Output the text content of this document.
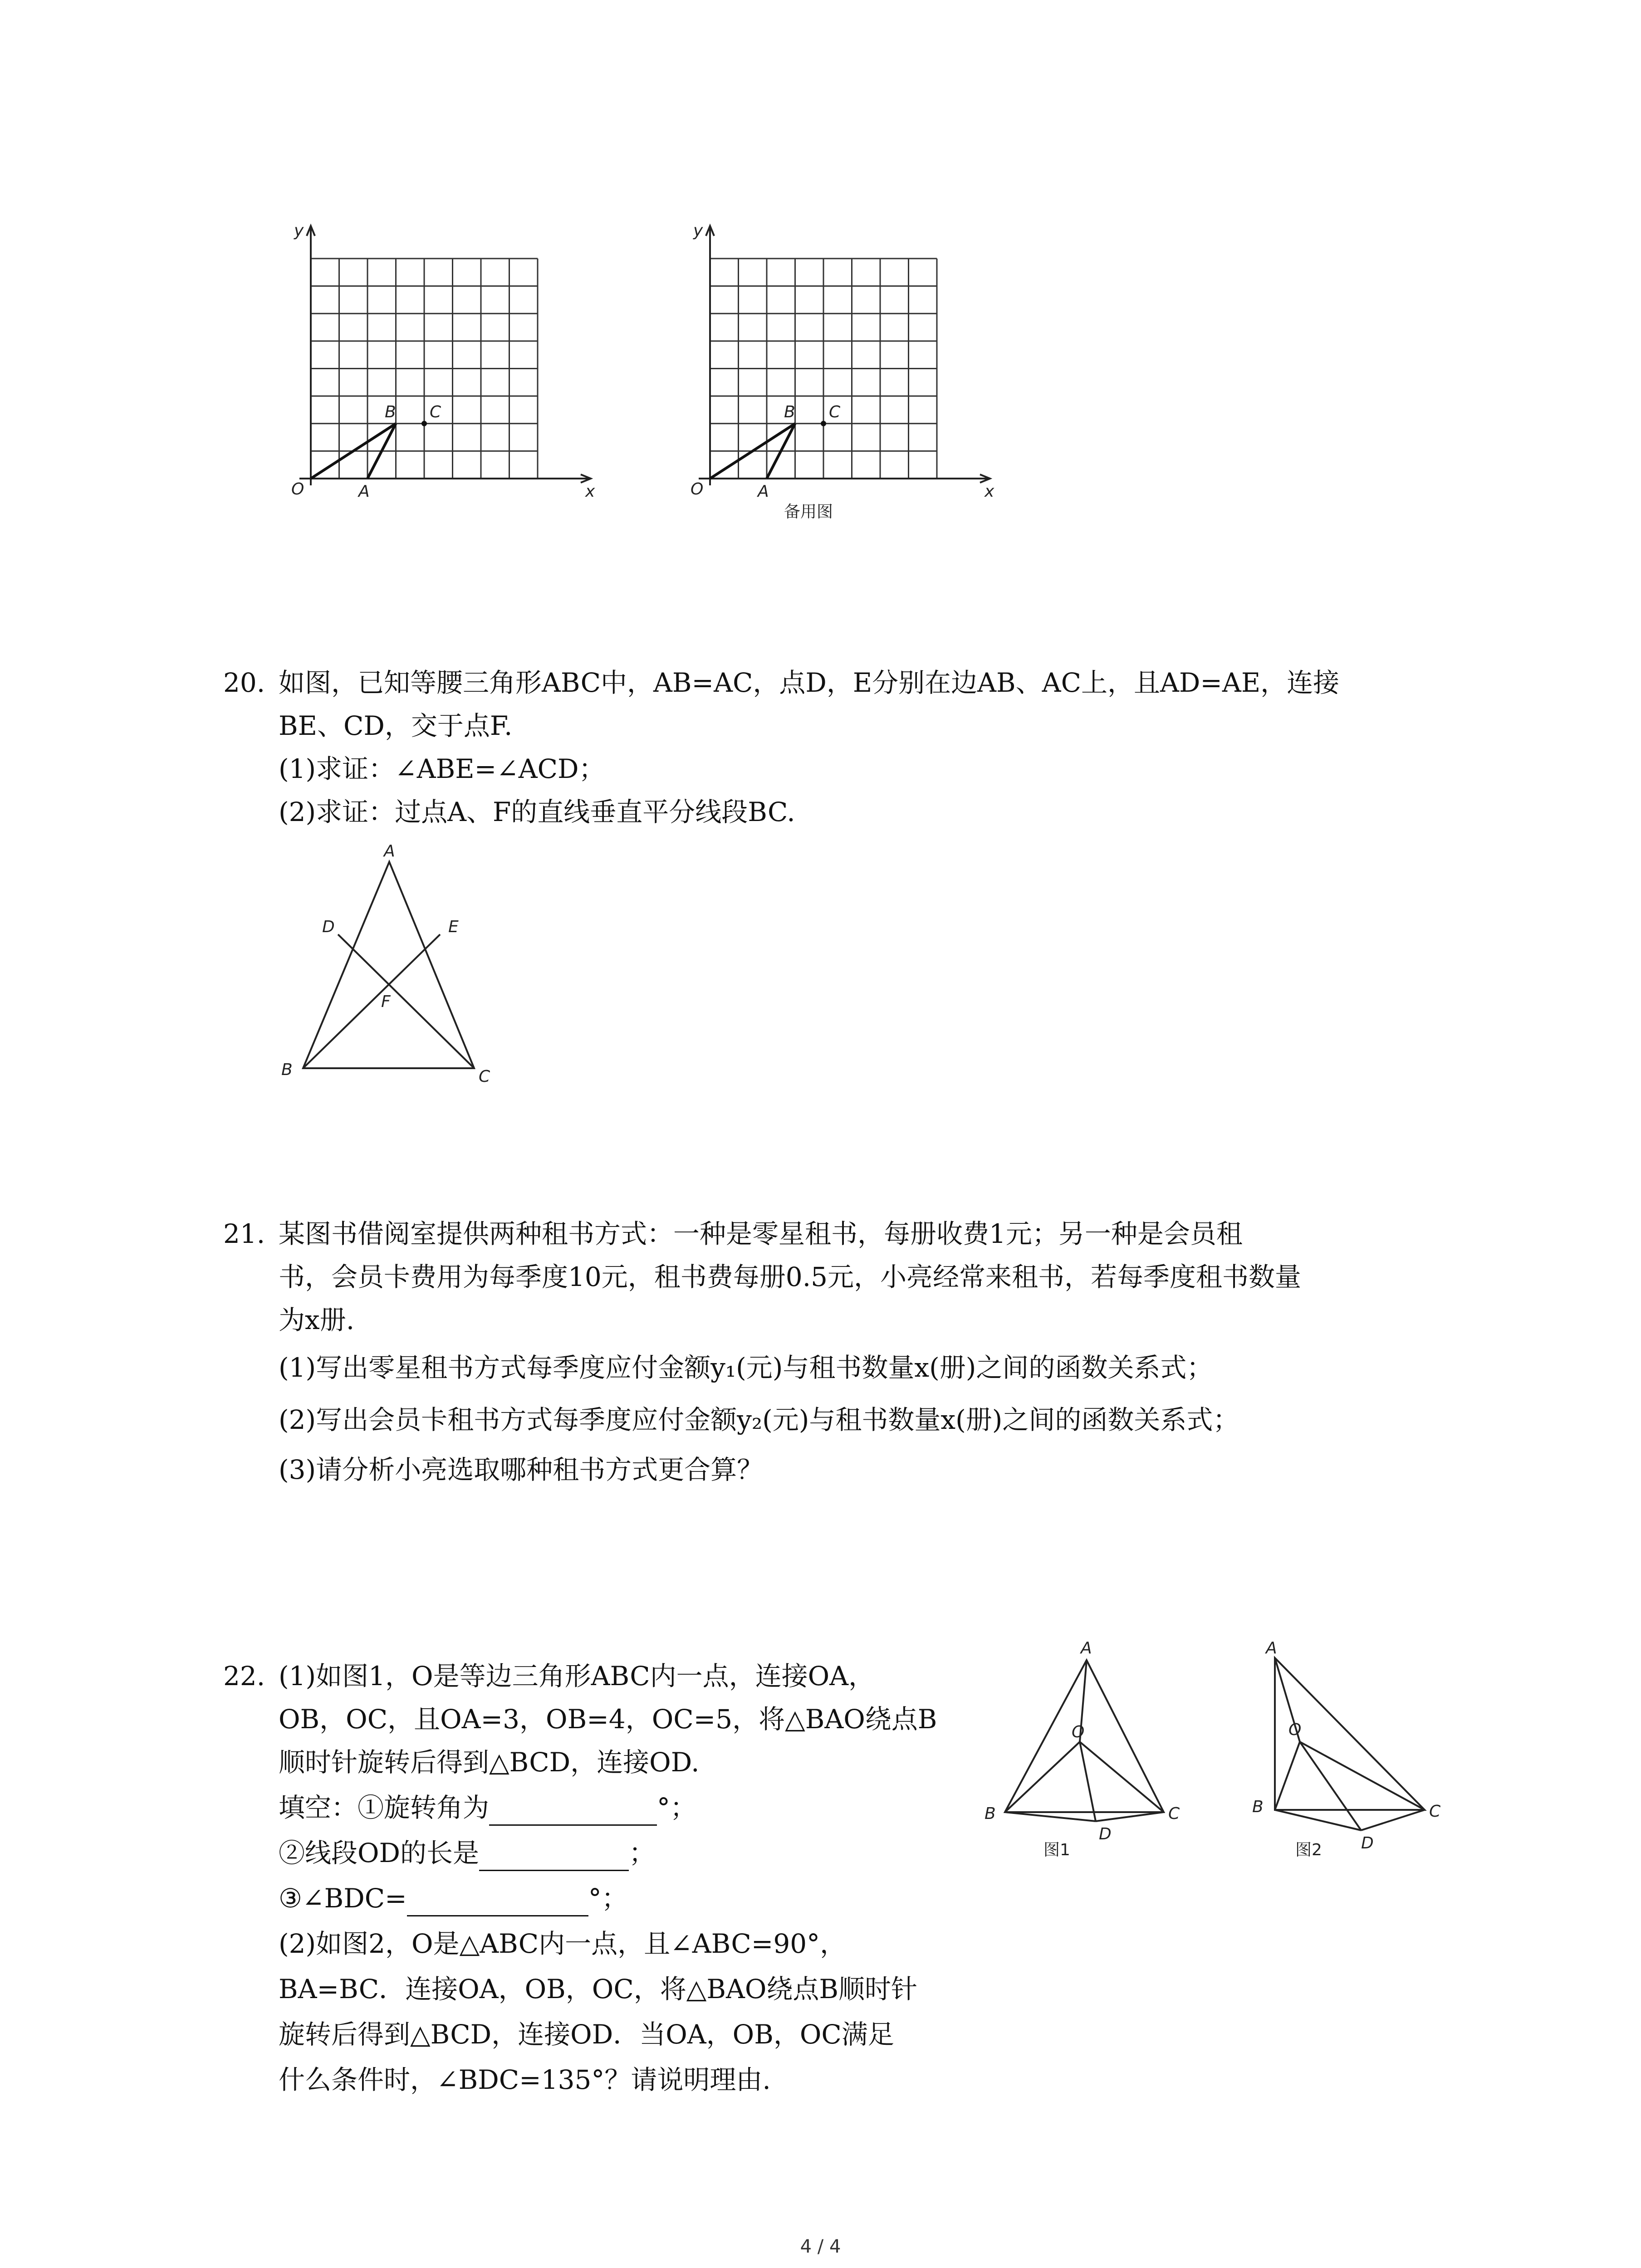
y
x
O	A
B C
y
x
O	A
B C
备用图
20. 如图，已知等腰三角形ABC中，AB=AC，点D，E分别在边AB、AC上，且AD=AE，连接
BE、CD，交于点F.
(1)求证：∠ABE=∠ACD；
(2)求证：过点A、F的直线垂直平分线段BC.
A
B	C
D	E
F
21. 某图书借阅室提供两种租书方式：一种是零星租书，每册收费1元；另一种是会员租
书，会员卡费用为每季度10元，租书费每册0.5元，小亮经常来租书，若每季度租书数量
为x册.
(1)写出零星租书方式每季度应付金额y₁(元)与租书数量x(册)之间的函数关系式；
(2)写出会员卡租书方式每季度应付金额y₂(元)与租书数量x(册)之间的函数关系式；
(3)请分析小亮选取哪种租书方式更合算？
22. (1)如图1，O是等边三角形ABC内一点，连接OA，
OB，OC，且OA=3，OB=4，OC=5，将△BAO绕点B
顺时针旋转后得到△BCD，连接OD.
填空：①旋转角为	°；
②线段OD的长是	；
③∠BDC=	°；
(2)如图2，O是△ABC内一点，且∠ABC=90°，
BA=BC．连接OA，OB，OC，将△BAO绕点B顺时针
旋转后得到△BCD，连接OD．当OA，OB，OC满足
什么条件时，∠BDC=135°？请说明理由.
A
B	C
D
O
图1
A
B	C
D
O
图2
4 / 4
